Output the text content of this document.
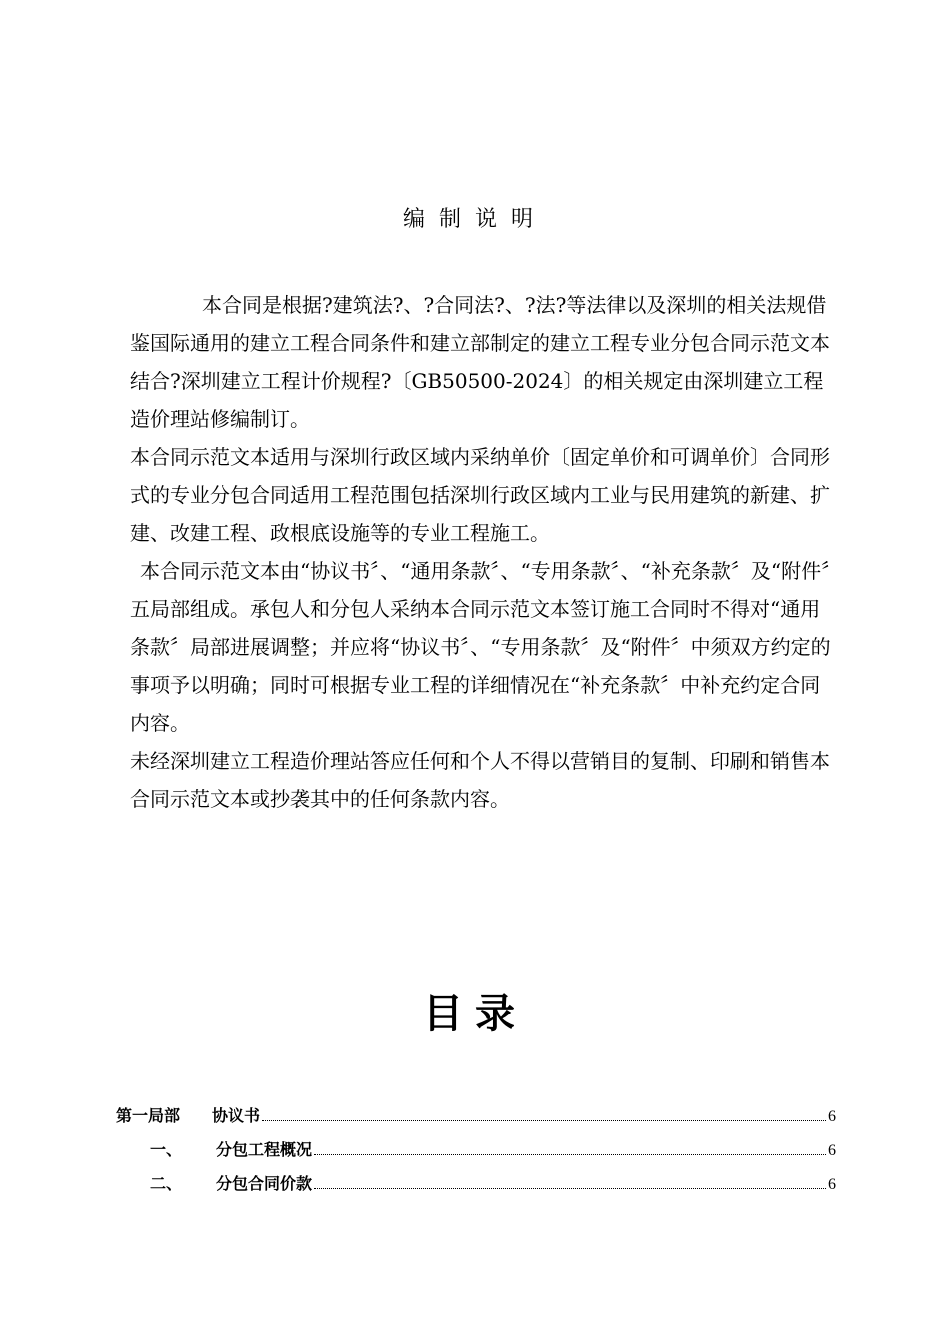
编制说明

本合同是根据?建筑法?、?合同法?、?法?等法律以及深圳的相关法规借鉴国际通用的建立工程合同条件和建立部制定的建立工程专业分包合同示范文本结合?深圳建立工程计价规程?〔GB50500-2024〕的相关规定由深圳建立工程造价理站修编制订。

本合同示范文本适用与深圳行政区域内采纳单价〔固定单价和可调单价〕合同形式的专业分包合同适用工程范围包括深圳行政区域内工业与民用建筑的新建、扩建、改建工程、政根底设施等的专业工程施工。

本合同示范文本由“协议书〞、“通用条款〞、“专用条款〞、“补充条款〞及“附件〞五局部组成。承包人和分包人采纳本合同示范文本签订施工合同时不得对“通用条款〞局部进展调整；并应将“协议书〞、“专用条款〞及“附件〞中须双方约定的事项予以明确；同时可根据专业工程的详细情况在“补充条款〞中补充约定合同内容。

未经深圳建立工程造价理站答应任何和个人不得以营销目的复制、印刷和销售本合同示范文本或抄袭其中的任何条款内容。

目录
第一局部	协议书	6
一、	分包工程概况	6
二、	分包合同价款	6
